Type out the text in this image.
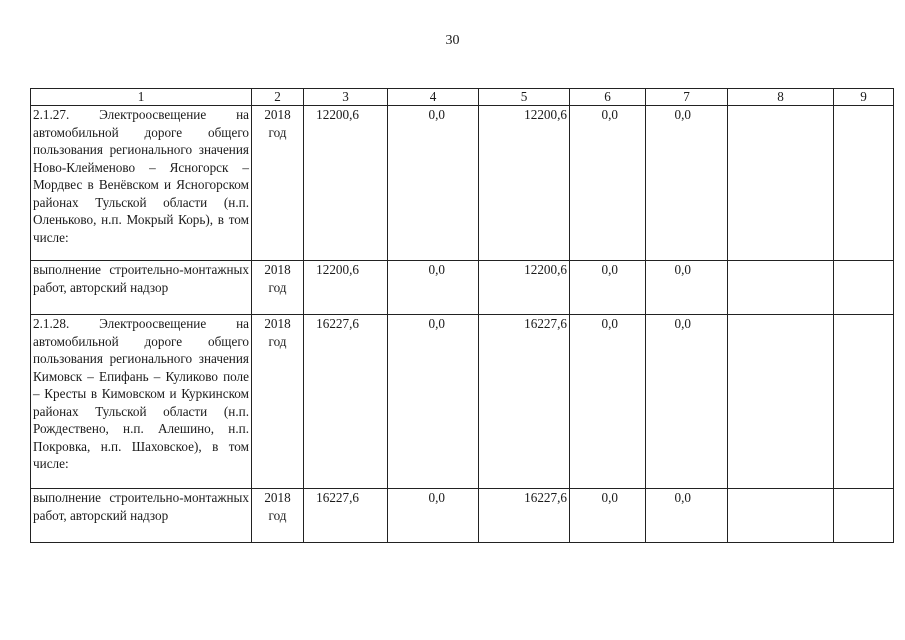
30
1	2	3	4	5	6	7	8	9
2.1.27. Электроосвещение на автомобильной дороге общего пользования регионального значения Ново-Клейменово – Ясногорск – Мордвес в Венёвском и Ясногорском районах Тульской области (н.п. Оленьково, н.п. Мокрый Корь), в том числе:	2018 год	12200,6	0,0	12200,6	0,0	0,0		
выполнение строительно-монтажных работ, авторский надзор	2018 год	12200,6	0,0	12200,6	0,0	0,0		
2.1.28. Электроосвещение на автомобильной дороге общего пользования регионального значения Кимовск – Епифань – Куликово поле – Кресты в Кимовском и Куркинском районах Тульской области (н.п. Рождествено, н.п. Алешино, н.п. Покровка, н.п. Шаховское), в том числе:	2018 год	16227,6	0,0	16227,6	0,0	0,0		
выполнение строительно-монтажных работ, авторский надзор	2018 год	16227,6	0,0	16227,6	0,0	0,0		
